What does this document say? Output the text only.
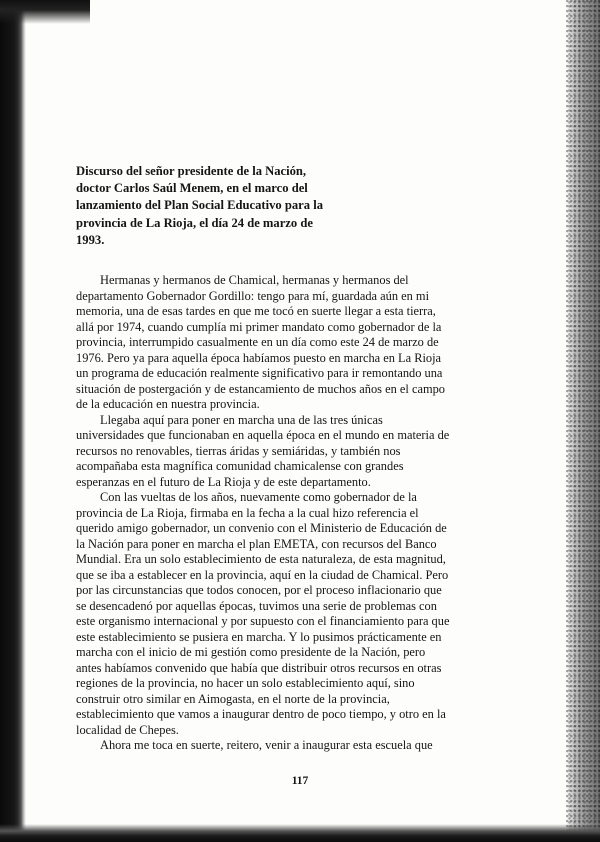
Discurso del señor presidente de la Nación,
doctor Carlos Saúl Menem, en el marco del
lanzamiento del Plan Social Educativo para la
provincia de La Rioja, el día 24 de marzo de
1993.

Hermanas y hermanos de Chamical, hermanas y hermanos del
departamento Gobernador Gordillo: tengo para mí, guardada aún en mi
memoria, una de esas tardes en que me tocó en suerte llegar a esta tierra,
allá por 1974, cuando cumplía mi primer mandato como gobernador de la
provincia, interrumpido casualmente en un día como este 24 de marzo de
1976. Pero ya para aquella época habíamos puesto en marcha en La Rioja
un programa de educación realmente significativo para ir remontando una
situación de postergación y de estancamiento de muchos años en el campo
de la educación en nuestra provincia.

Llegaba aquí para poner en marcha una de las tres únicas
universidades que funcionaban en aquella época en el mundo en materia de
recursos no renovables, tierras áridas y semiáridas, y también nos
acompañaba esta magnífica comunidad chamicalense con grandes
esperanzas en el futuro de La Rioja y de este departamento.

Con las vueltas de los años, nuevamente como gobernador de la
provincia de La Rioja, firmaba en la fecha a la cual hizo referencia el
querido amigo gobernador, un convenio con el Ministerio de Educación de
la Nación para poner en marcha el plan EMETA, con recursos del Banco
Mundial. Era un solo establecimiento de esta naturaleza, de esta magnitud,
que se iba a establecer en la provincia, aquí en la ciudad de Chamical. Pero
por las circunstancias que todos conocen, por el proceso inflacionario que
se desencadenó por aquellas épocas, tuvimos una serie de problemas con
este organismo internacional y por supuesto con el financiamiento para que
este establecimiento se pusiera en marcha. Y lo pusimos prácticamente en
marcha con el inicio de mi gestión como presidente de la Nación, pero
antes habíamos convenido que había que distribuir otros recursos en otras
regiones de la provincia, no hacer un solo establecimiento aquí, sino
construir otro similar en Aimogasta, en el norte de la provincia,
establecimiento que vamos a inaugurar dentro de poco tiempo, y otro en la
localidad de Chepes.

Ahora me toca en suerte, reitero, venir a inaugurar esta escuela que

117
